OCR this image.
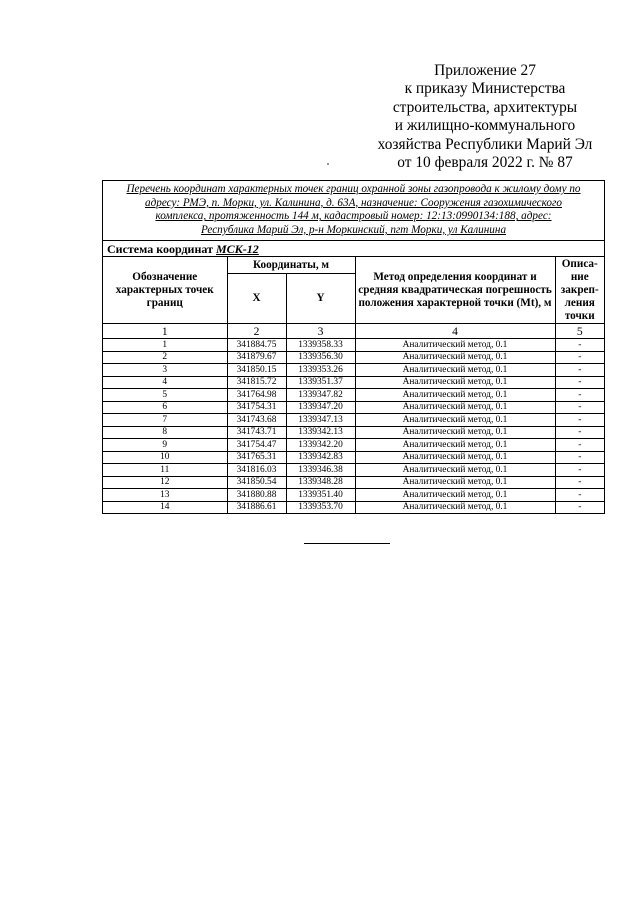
Приложение 27
к приказу Министерства
строительства, архитектуры
и жилищно-коммунального
хозяйства Республики Марий Эл
от 10 февраля 2022 г. № 87
Перечень координат характерных точек границ охранной зоны газопровода к жилому дому по
адресу: РМЭ, п. Морки, ул. Калинина, д. 63А, назначение: Сооружения газохимического
комплекса, протяженность 144 м, кадастровый номер: 12:13:0990134:188, адрес:
Республика Марий Эл, р-н Моркинский, пгт Морки, ул Калинина
Система координат МСК-12
Обозначение характерных точек границ	Координаты, м		Метод определения координат и средняя квадратическая погрешность положения характерной точки (Mt), м	Описа-ние закреп-ления точки
	X	Y		
1	2	3	4	5
1	341884.75	1339358.33	Аналитический метод, 0.1	-
2	341879.67	1339356.30	Аналитический метод, 0.1	-
3	341850.15	1339353.26	Аналитический метод, 0.1	-
4	341815.72	1339351.37	Аналитический метод, 0.1	-
5	341764.98	1339347.82	Аналитический метод, 0.1	-
6	341754.31	1339347.20	Аналитический метод, 0.1	-
7	341743.68	1339347.13	Аналитический метод, 0.1	-
8	341743.71	1339342.13	Аналитический метод, 0.1	-
9	341754.47	1339342.20	Аналитический метод, 0.1	-
10	341765.31	1339342.83	Аналитический метод, 0.1	-
11	341816.03	1339346.38	Аналитический метод, 0.1	-
12	341850.54	1339348.28	Аналитический метод, 0.1	-
13	341880.88	1339351.40	Аналитический метод, 0.1	-
14	341886.61	1339353.70	Аналитический метод, 0.1	-
